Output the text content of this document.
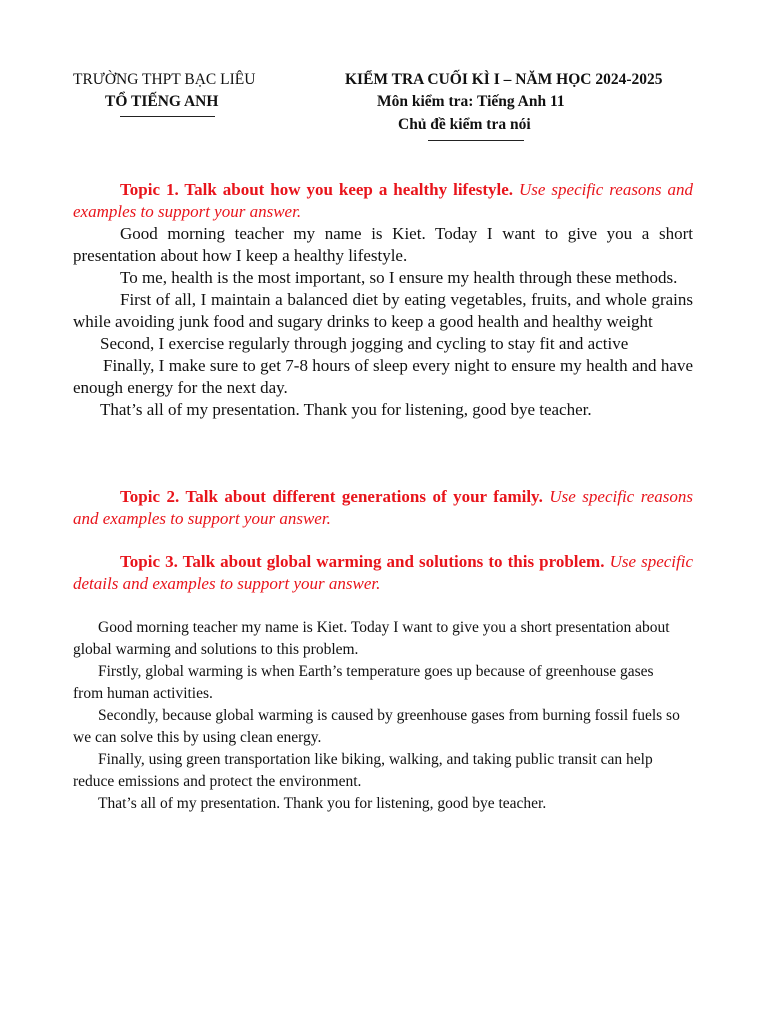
TRƯỜNG THPT BẠC LIÊU
TỔ TIẾNG ANH
KIỂM TRA CUỐI KÌ I – NĂM HỌC 2024-2025
Môn kiểm tra: Tiếng Anh 11
Chủ đề kiểm tra nói

Topic 1. Talk about how you keep a healthy lifestyle. Use specific reasons and examples to support your answer.

Good morning teacher my name is Kiet. Today I want to give you a short presentation about how I keep a healthy lifestyle.

To me, health is the most important, so I ensure my health through these methods.

First of all, I maintain a balanced diet by eating vegetables, fruits, and whole grains while avoiding junk food and sugary drinks to keep a good health and healthy weight

Second, I exercise regularly through jogging and cycling to stay fit and active

Finally, I make sure to get 7-8 hours of sleep every night to ensure my health and have enough energy for the next day.

That’s all of my presentation. Thank you for listening, good bye teacher.

Topic 2. Talk about different generations of your family. Use specific reasons and examples to support your answer.

Topic 3. Talk about global warming and solutions to this problem. Use specific details and examples to support your answer.

Good morning teacher my name is Kiet. Today I want to give you a short presentation about global warming and solutions to this problem.

Firstly, global warming is when Earth’s temperature goes up because of greenhouse gases from human activities.

Secondly, because global warming is caused by greenhouse gases from burning fossil fuels so we can solve this by using clean energy.

Finally, using green transportation like biking, walking, and taking public transit can help reduce emissions and protect the environment.

That’s all of my presentation. Thank you for listening, good bye teacher.
